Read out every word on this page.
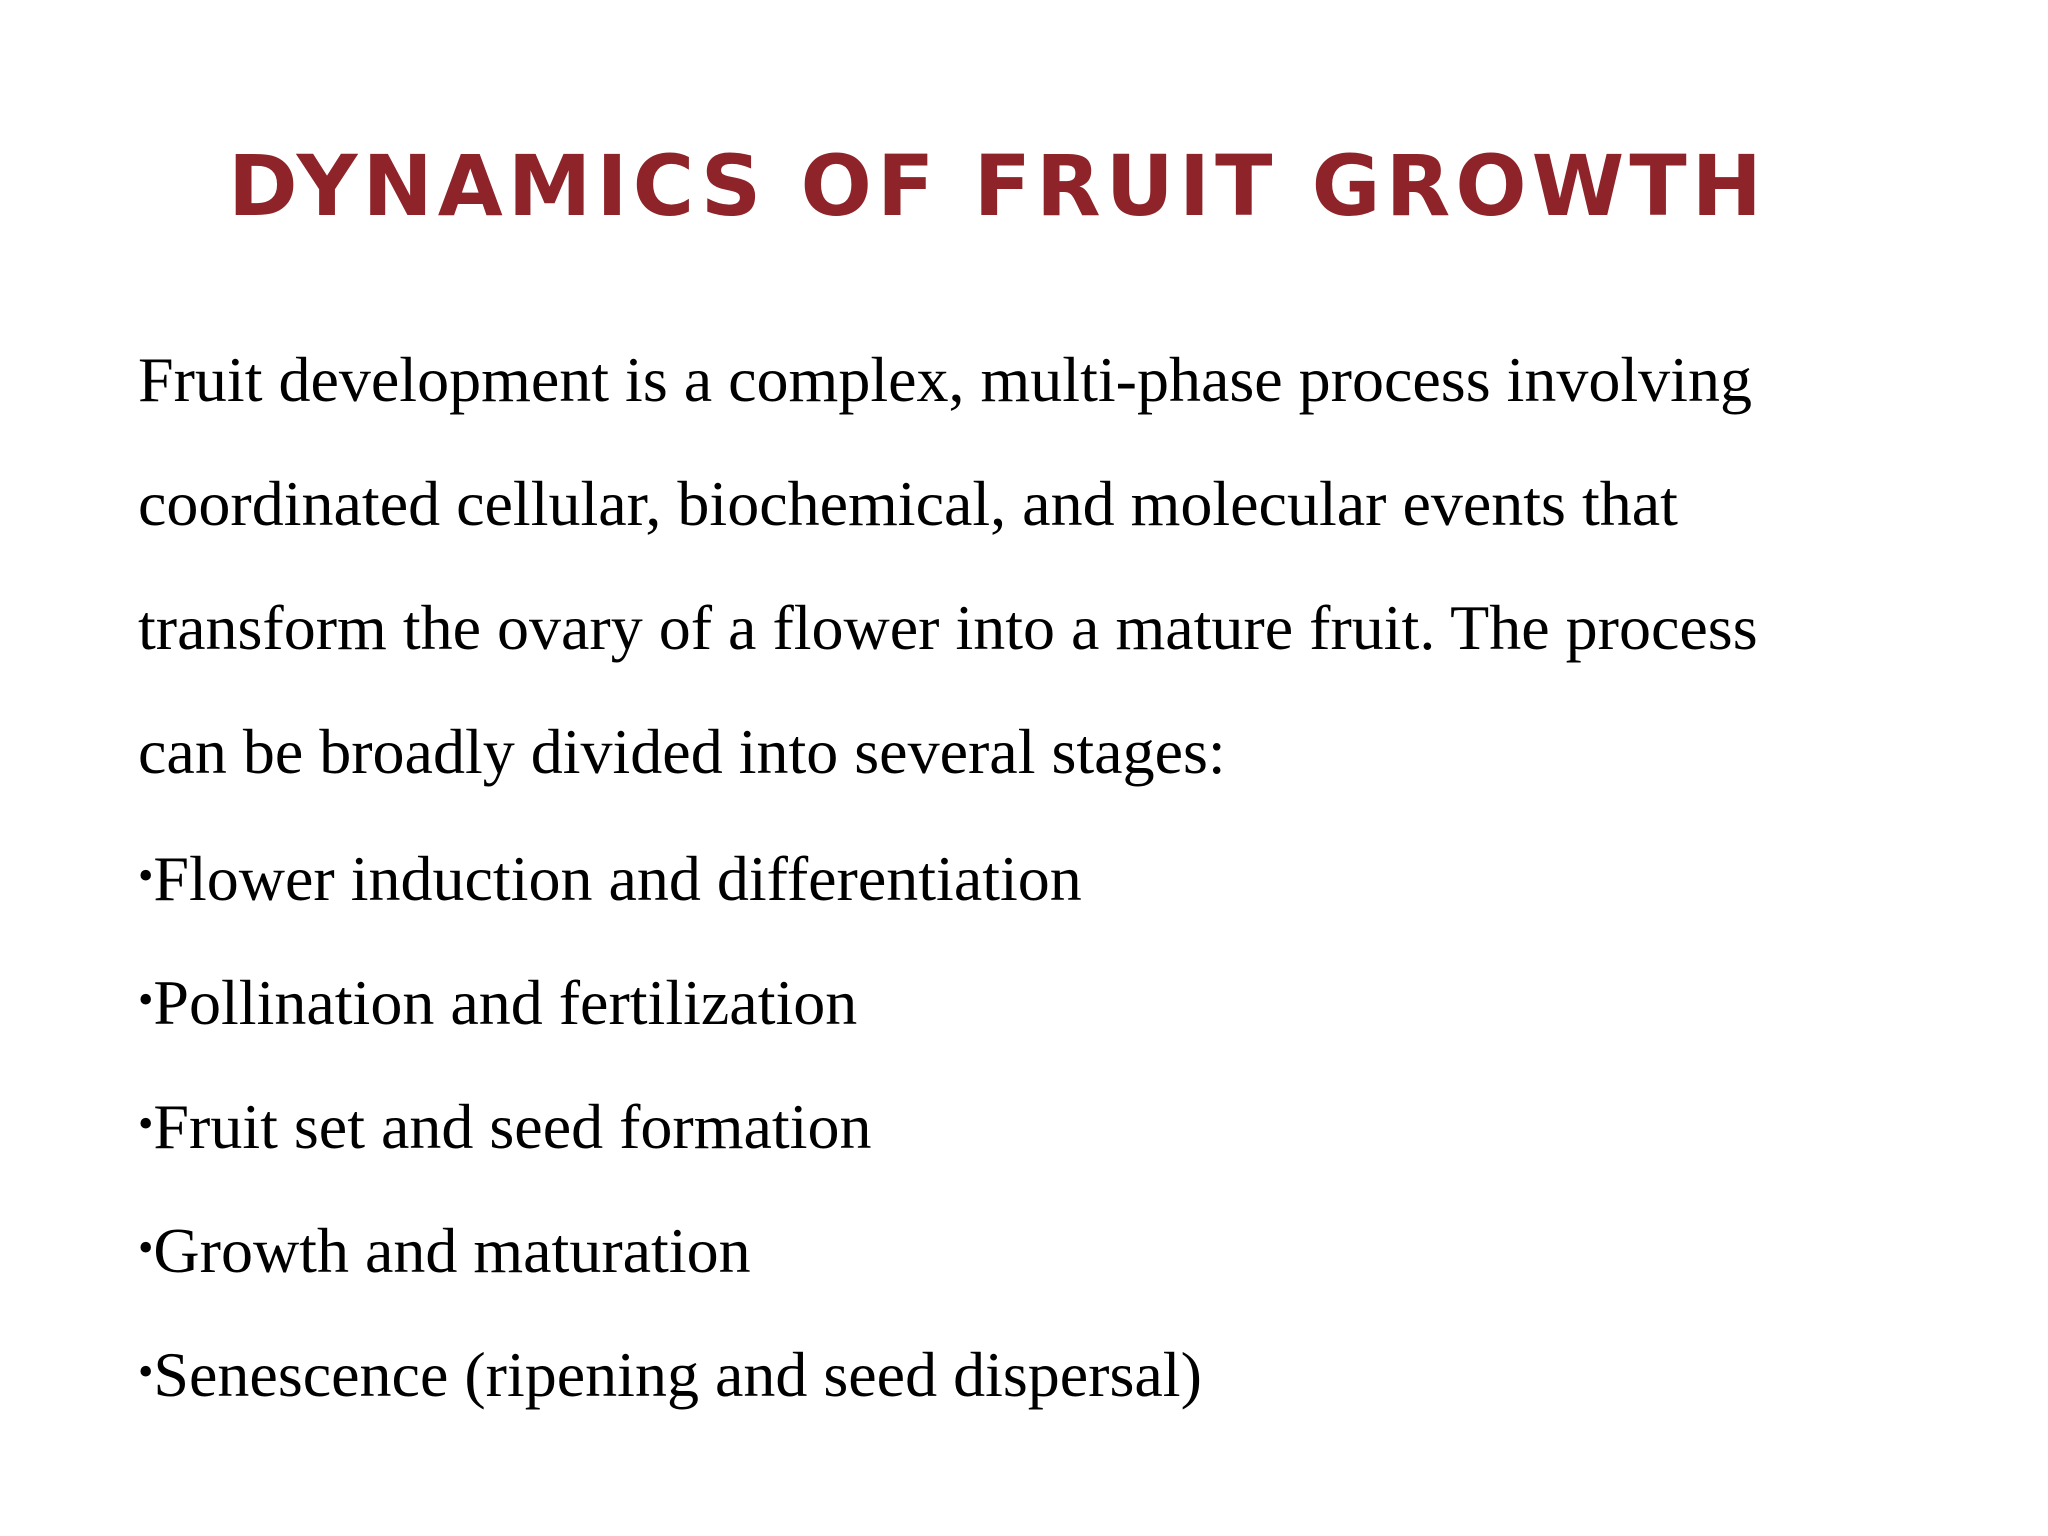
DYNAMICS OF FRUIT GROWTH
Fruit development is a complex, multi-phase process involving
coordinated cellular, biochemical, and molecular events that
transform the ovary of a flower into a mature fruit. The process
can be broadly divided into several stages:
•Flower induction and differentiation
•Pollination and fertilization
•Fruit set and seed formation
•Growth and maturation
•Senescence (ripening and seed dispersal)
